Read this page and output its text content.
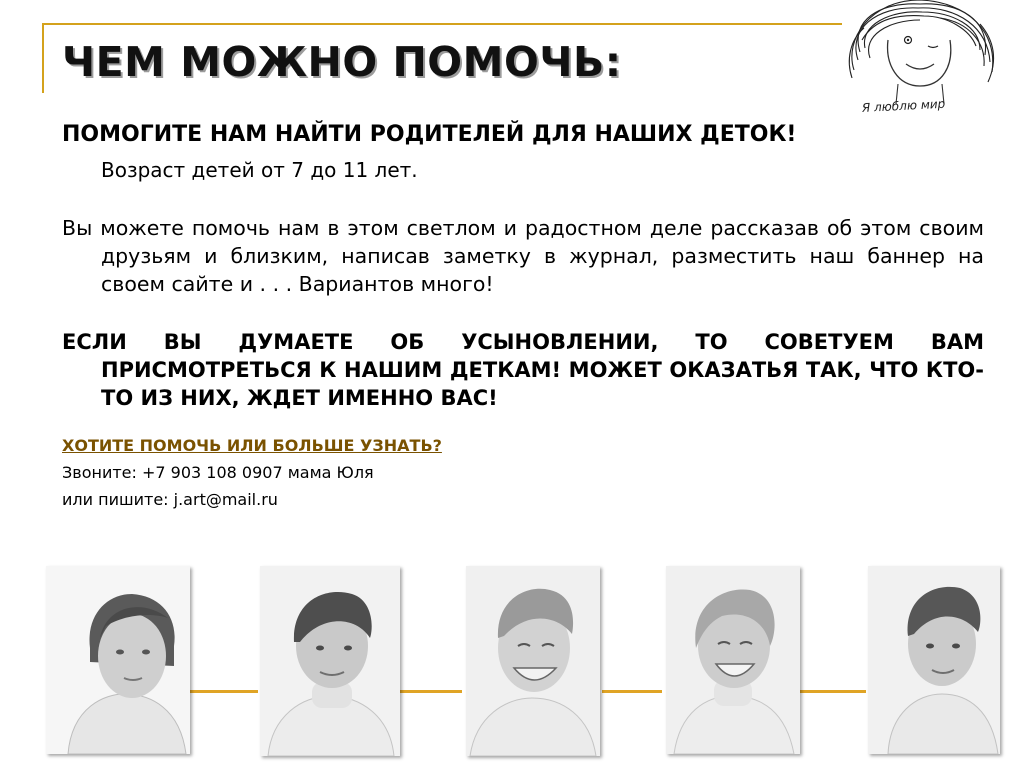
ЧЕМ МОЖНО ПОМОЧЬ:
Я люблю мир

ПОМОГИТЕ НАМ НАЙТИ РОДИТЕЛЕЙ ДЛЯ НАШИХ ДЕТОК!

Возраст детей от 7 до 11 лет.

Вы можете помочь нам в этом светлом и радостном деле рассказав об этом своим друзьям и близким, написав заметку в журнал, разместить наш баннер на своем сайте и . . . Вариантов много!

ЕСЛИ ВЫ ДУМАЕТЕ ОБ УСЫНОВЛЕНИИ, ТО СОВЕТУЕМ ВАМ ПРИСМОТРЕТЬСЯ К НАШИМ ДЕТКАМ! МОЖЕТ ОКАЗАТЬЯ ТАК, ЧТО КТО-ТО ИЗ НИХ, ЖДЕТ ИМЕННО ВАС!

ХОТИТЕ ПОМОЧЬ ИЛИ БОЛЬШЕ УЗНАТЬ?

Звоните: +7 903 108 0907 мама Юля

или пишите: j.art@mail.ru
